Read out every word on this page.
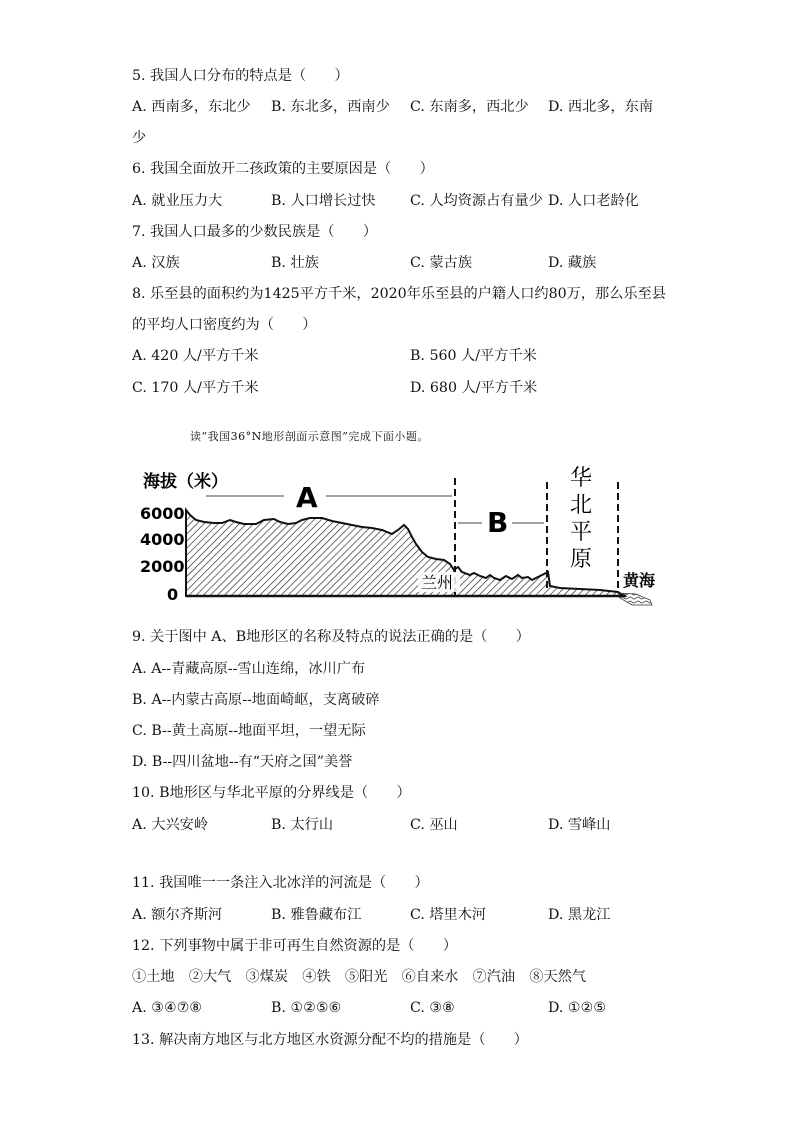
5. 我国人口分布的特点是（　　）
A. 西南多，东北少 B. 东北多，西南少 C. 东南多，西北少 D. 西北多，东南
少
6. 我国全面放开二孩政策的主要原因是（　　）
A. 就业压力大	B. 人口增长过快 C. 人均资源占有量少 D. 人口老龄化
7. 我国人口最多的少数民族是（　　）
A. 汉族	B. 壮族	C. 蒙古族	D. 藏族
8. 乐至县的面积约为1425平方千米，2020年乐至县的户籍人口约80万，那么乐至县
的平均人口密度约为（　　）
A. 420 人/平方千米	B. 560 人/平方千米
C. 170 人/平方千米	D. 680 人/平方千米
读“我国36°N地形剖面示意图”完成下面小题。
海拔（米）
6000
4000
2000
0
A
B
华
北
平
原
兰州	黄海
9. 关于图中 A、B地形区的名称及特点的说法正确的是（　　）
A. A--青藏高原--雪山连绵，冰川广布
B. A--内蒙古高原--地面崎岖，支离破碎
C. B--黄土高原--地面平坦，一望无际
D. B--四川盆地--有“天府之国”美誉
10. B地形区与华北平原的分界线是（　　）
A. 大兴安岭	B. 太行山	C. 巫山	D. 雪峰山
11. 我国唯一一条注入北冰洋的河流是（　　）
A. 额尔齐斯河	B. 雅鲁藏布江	C. 塔里木河	D. 黑龙江
12. 下列事物中属于非可再生自然资源的是（　　）
①土地　②大气　③煤炭　④铁　⑤阳光　⑥自来水　⑦汽油　⑧天然气
A. ③④⑦⑧	B. ①②⑤⑥	C. ③⑧	D. ①②⑤
13. 解决南方地区与北方地区水资源分配不均的措施是（　　）
